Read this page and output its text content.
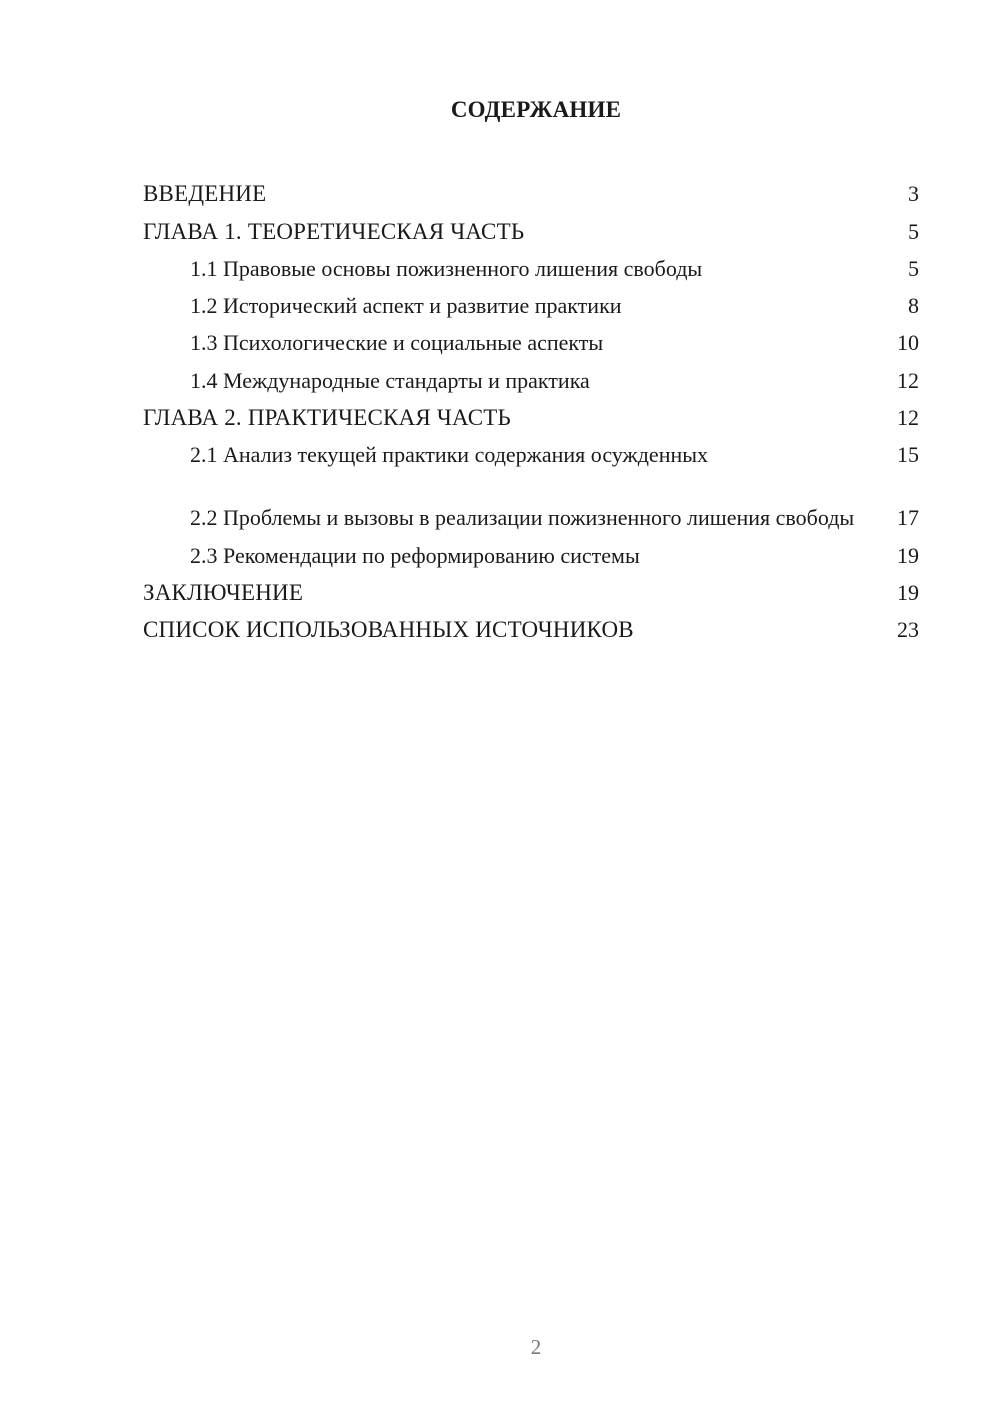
СОДЕРЖАНИЕ
ВВЕДЕНИЕ	3
ГЛАВА 1. ТЕОРЕТИЧЕСКАЯ ЧАСТЬ	5
1.1 Правовые основы пожизненного лишения свободы	5
1.2 Исторический аспект и развитие практики	8
1.3 Психологические и социальные аспекты	10
1.4 Международные стандарты и практика	12
ГЛАВА 2. ПРАКТИЧЕСКАЯ ЧАСТЬ	12
2.1 Анализ текущей практики содержания осужденных	15
2.2 Проблемы и вызовы в реализации пожизненного лишения свободы	17
2.3 Рекомендации по реформированию системы	19
ЗАКЛЮЧЕНИЕ	19
СПИСОК ИСПОЛЬЗОВАННЫХ ИСТОЧНИКОВ	23
2
